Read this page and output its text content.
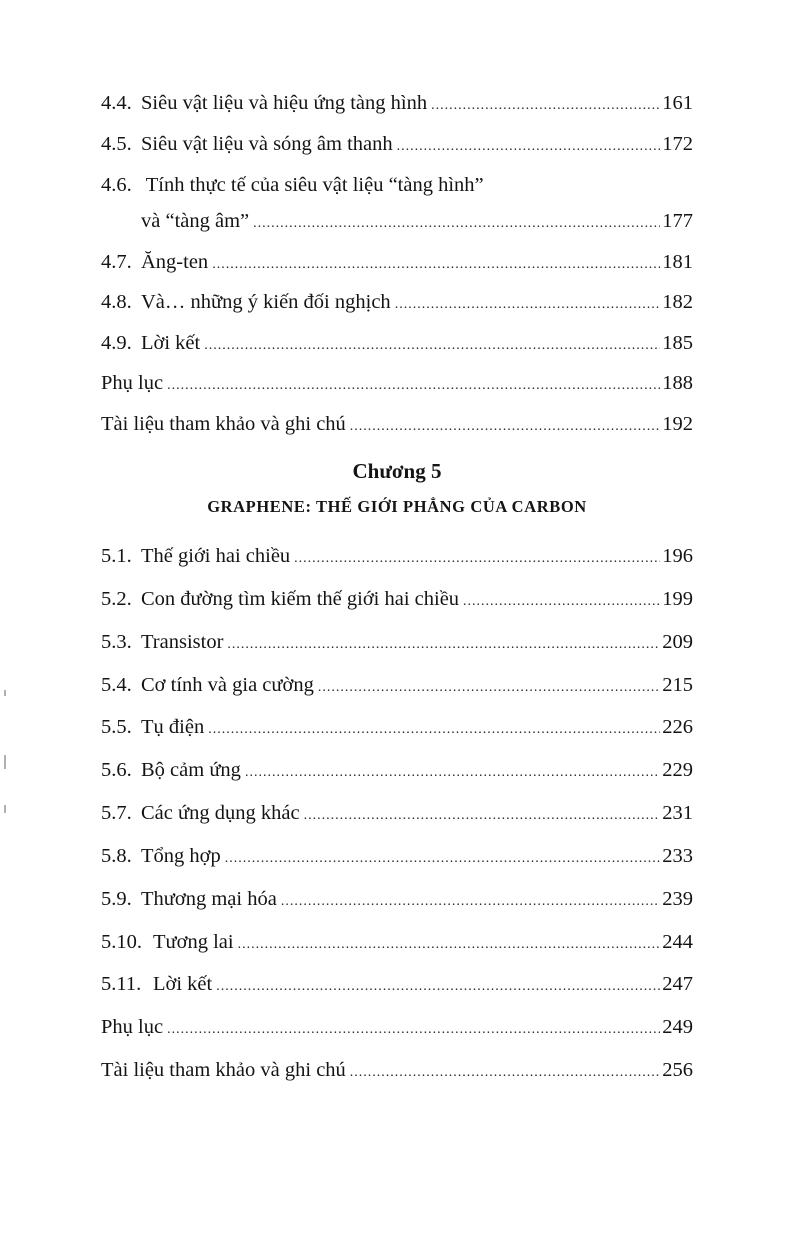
4.4. Siêu vật liệu và hiệu ứng tàng hình .....	161
4.5. Siêu vật liệu và sóng âm thanh .....	172
4.6. Tính thực tế của siêu vật liệu “tàng hình”
và “tàng âm” .....	177
4.7. Ăng-ten .....	181
4.8. Và… những ý kiến đối nghịch .....	182
4.9. Lời kết .....	185
Phụ lục .....	188
Tài liệu tham khảo và ghi chú .....	192
Chương 5
GRAPHENE: THẾ GIỚI PHẲNG CỦA CARBON
5.1. Thế giới hai chiều .....	196
5.2. Con đường tìm kiếm thế giới hai chiều .....	199
5.3. Transistor .....	209
5.4. Cơ tính và gia cường .....	215
5.5. Tụ điện .....	226
5.6. Bộ cảm ứng .....	229
5.7. Các ứng dụng khác .....	231
5.8. Tổng hợp .....	233
5.9. Thương mại hóa .....	239
5.10. Tương lai .....	244
5.11. Lời kết .....	247
Phụ lục .....	249
Tài liệu tham khảo và ghi chú .....	256
